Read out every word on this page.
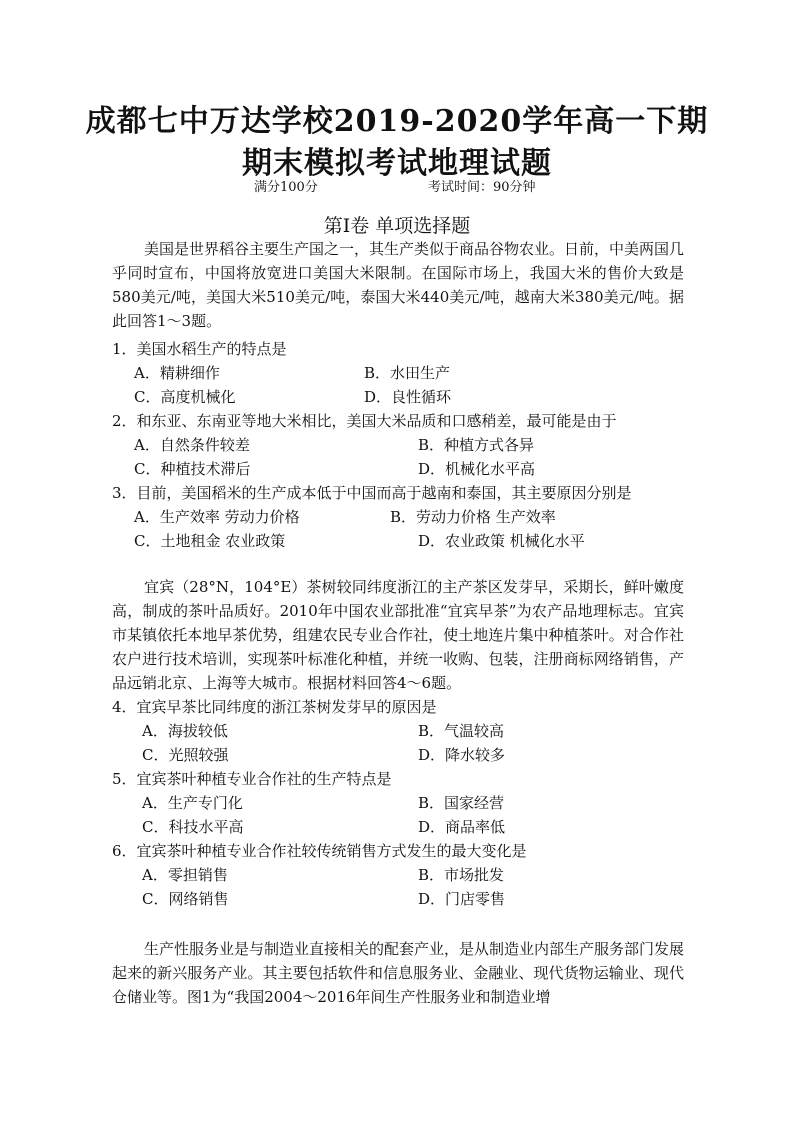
成都七中万达学校2019-2020学年高一下期
期末模拟考试地理试题
满分100分	考试时间：90分钟
第Ⅰ卷 单项选择题
美国是世界稻谷主要生产国之一，其生产类似于商品谷物农业。日前，中美两国几乎同时宣布，中国将放宽进口美国大米限制。在国际市场上，我国大米的售价大致是580美元/吨，美国大米510美元/吨，泰国大米440美元/吨，越南大米380美元/吨。据此回答1～3题。
1．美国水稻生产的特点是
A．精耕细作	B．水田生产
C．高度机械化	D．良性循环
2．和东亚、东南亚等地大米相比，美国大米品质和口感稍差，最可能是由于
A．自然条件较差	B．种植方式各异
C．种植技术滞后	D．机械化水平高
3．目前，美国稻米的生产成本低于中国而高于越南和泰国，其主要原因分别是
A．生产效率 劳动力价格	B．劳动力价格 生产效率
C．土地租金 农业政策	D．农业政策 机械化水平
宜宾（28°N，104°E）茶树较同纬度浙江的主产茶区发芽早，采期长，鲜叶嫩度高，制成的茶叶品质好。2010年中国农业部批准“宜宾早茶”为农产品地理标志。宜宾市某镇依托本地早茶优势，组建农民专业合作社，使土地连片集中种植茶叶。对合作社农户进行技术培训，实现茶叶标准化种植，并统一收购、包装，注册商标网络销售，产品远销北京、上海等大城市。根据材料回答4～6题。
4．宜宾早茶比同纬度的浙江茶树发芽早的原因是
A．海拔较低	B．气温较高
C．光照较强	D．降水较多
5．宜宾茶叶种植专业合作社的生产特点是
A．生产专门化	B．国家经营
C．科技水平高	D．商品率低
6．宜宾茶叶种植专业合作社较传统销售方式发生的最大变化是
A．零担销售	B．市场批发
C．网络销售	D．门店零售
生产性服务业是与制造业直接相关的配套产业，是从制造业内部生产服务部门发展起来的新兴服务产业。其主要包括软件和信息服务业、金融业、现代货物运输业、现代仓储业等。图1为“我国2004～2016年间生产性服务业和制造业增
